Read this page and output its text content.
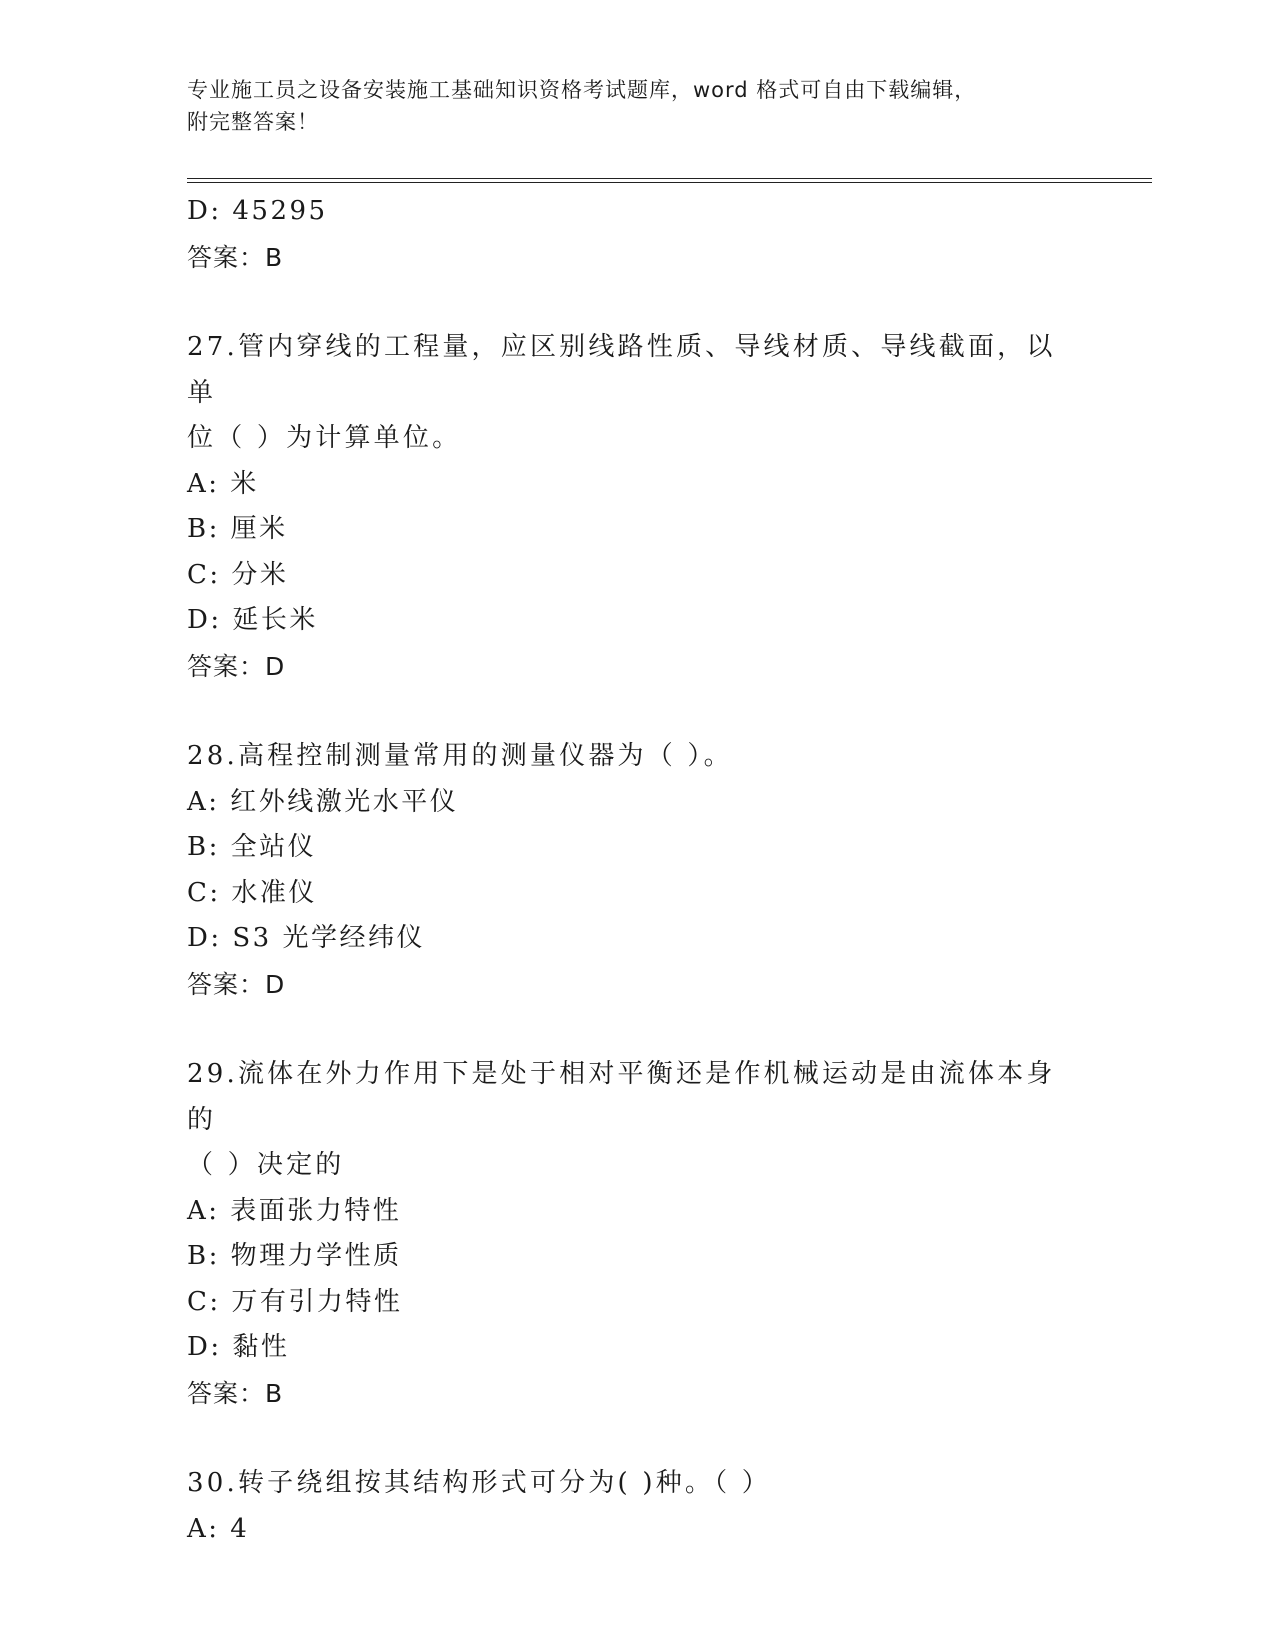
专业施工员之设备安装施工基础知识资格考试题库，word 格式可自由下载编辑，
附完整答案！
D: 45295
答案：B
27.管内穿线的工程量，应区别线路性质、导线材质、导线截面，以单
位（ ）为计算单位。
A: 米
B: 厘米
C: 分米
D: 延长米
答案：D
28.高程控制测量常用的测量仪器为（ ）。
A: 红外线激光水平仪
B: 全站仪
C: 水准仪
D: S3 光学经纬仪
答案：D
29.流体在外力作用下是处于相对平衡还是作机械运动是由流体本身的
（ ）决定的
A: 表面张力特性
B: 物理力学性质
C: 万有引力特性
D: 黏性
答案：B
30.转子绕组按其结构形式可分为( )种。（ ）
A: 4
